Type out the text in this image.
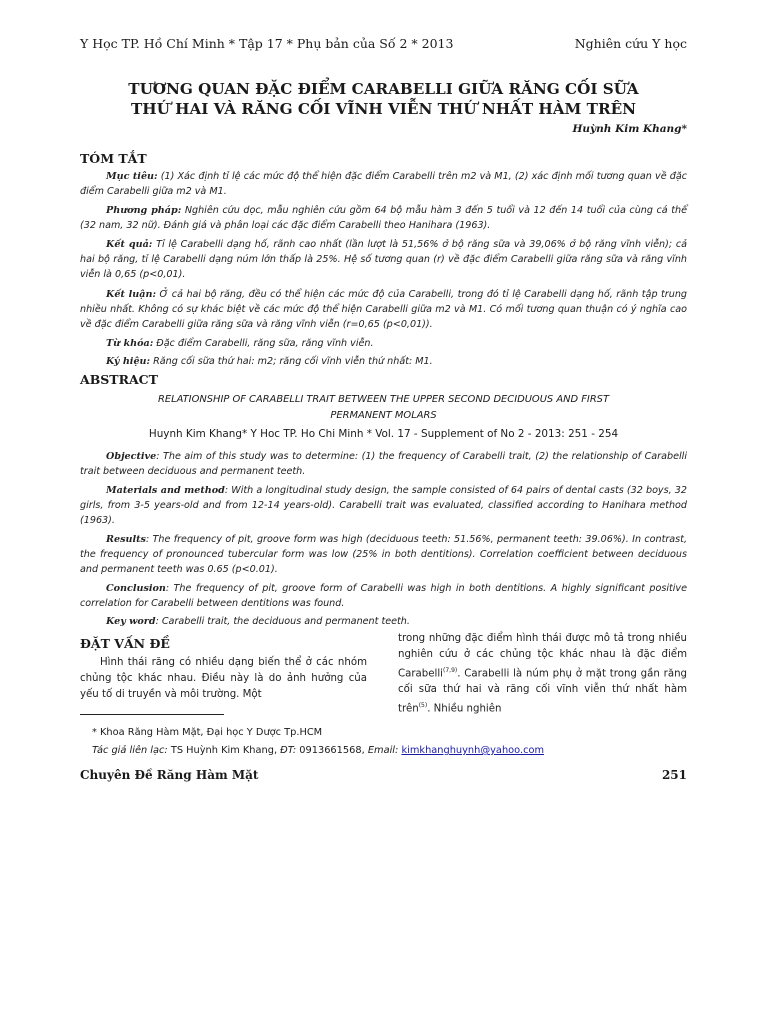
Y Học TP. Hồ Chí Minh * Tập 17 * Phụ bản của Số 2 * 2013	Nghiên cứu Y học
TƯƠNG QUAN ĐẶC ĐIỂM CARABELLI GIỮA RĂNG CỐI SỮA
THỨ HAI VÀ RĂNG CỐI VĨNH VIỄN THỨ NHẤT HÀM TRÊN
Huỳnh Kim Khang*
TÓM TẮT
Mục tiêu: (1) Xác định tỉ lệ các mức độ thể hiện đặc điểm Carabelli trên m2 và M1, (2) xác định mối tương quan về đặc điểm Carabelli giữa m2 và M1.
Phương pháp: Nghiên cứu dọc, mẫu nghiên cứu gồm 64 bộ mẫu hàm 3 đến 5 tuổi và 12 đến 14 tuổi của cùng cá thể (32 nam, 32 nữ). Đánh giá và phân loại các đặc điểm Carabelli theo Hanihara (1963).
Kết quả: Tỉ lệ Carabelli dạng hố, rãnh cao nhất (lần lượt là 51,56% ở bộ răng sữa và 39,06% ở bộ răng vĩnh viễn); cả hai bộ răng, tỉ lệ Carabelli dạng núm lớn thấp là 25%. Hệ số tương quan (r) về đặc điểm Carabelli giữa răng sữa và răng vĩnh viễn là 0,65 (p<0,01).
Kết luận: Ở cả hai bộ răng, đều có thể hiện các mức độ của Carabelli, trong đó tỉ lệ Carabelli dạng hố, rãnh tập trung nhiều nhất. Không có sự khác biệt về các mức độ thể hiện Carabelli giữa m2 và M1. Có mối tương quan thuận có ý nghĩa cao về đặc điểm Carabelli giữa răng sữa và răng vĩnh viễn (r=0,65 (p<0,01)).
Từ khóa: Đặc điểm Carabelli, răng sữa, răng vĩnh viễn.
Ký hiệu: Răng cối sữa thứ hai: m2; răng cối vĩnh viễn thứ nhất: M1.
ABSTRACT
RELATIONSHIP OF CARABELLI TRAIT BETWEEN THE UPPER SECOND DECIDUOUS AND FIRST
PERMANENT MOLARS
Huynh Kim Khang* Y Hoc TP. Ho Chi Minh * Vol. 17 - Supplement of No 2 - 2013: 251 - 254
Objective: The aim of this study was to determine: (1) the frequency of Carabelli trait, (2) the relationship of Carabelli trait between deciduous and permanent teeth.
Materials and method: With a longitudinal study design, the sample consisted of 64 pairs of dental casts (32 boys, 32 girls, from 3-5 years-old and from 12-14 years-old). Carabelli trait was evaluated, classified according to Hanihara method (1963).
Results: The frequency of pit, groove form was high (deciduous teeth: 51.56%, permanent teeth: 39.06%). In contrast, the frequency of pronounced tubercular form was low (25% in both dentitions). Correlation coefficient between deciduous and permanent teeth was 0.65 (p<0.01).
Conclusion: The frequency of pit, groove form of Carabelli was high in both dentitions. A highly significant positive correlation for Carabelli between dentitions was found.
Key word: Carabelli trait, the deciduous and permanent teeth.
ĐẶT VẤN ĐỀ
Hình thái răng có nhiều dạng biến thể ở các nhóm chủng tộc khác nhau. Điều này là do ảnh hưởng của yếu tố di truyền và môi trường. Một
trong những đặc điểm hình thái được mô tả trong nhiều nghiên cứu ở các chủng tộc khác nhau là đặc điểm Carabelli$^{(7,9)}$. Carabelli là núm phụ ở mặt trong gần răng cối sữa thứ hai và răng cối vĩnh viễn thứ nhất hàm trên$^{(5)}$. Nhiều nghiên
* Khoa Răng Hàm Mặt, Đại học Y Dược Tp.HCM
Tác giả liên lạc: TS Huỳnh Kim Khang, ĐT: 0913661568, Email: kimkhanghuynh@yahoo.com
Chuyên Đề Răng Hàm Mặt	251
